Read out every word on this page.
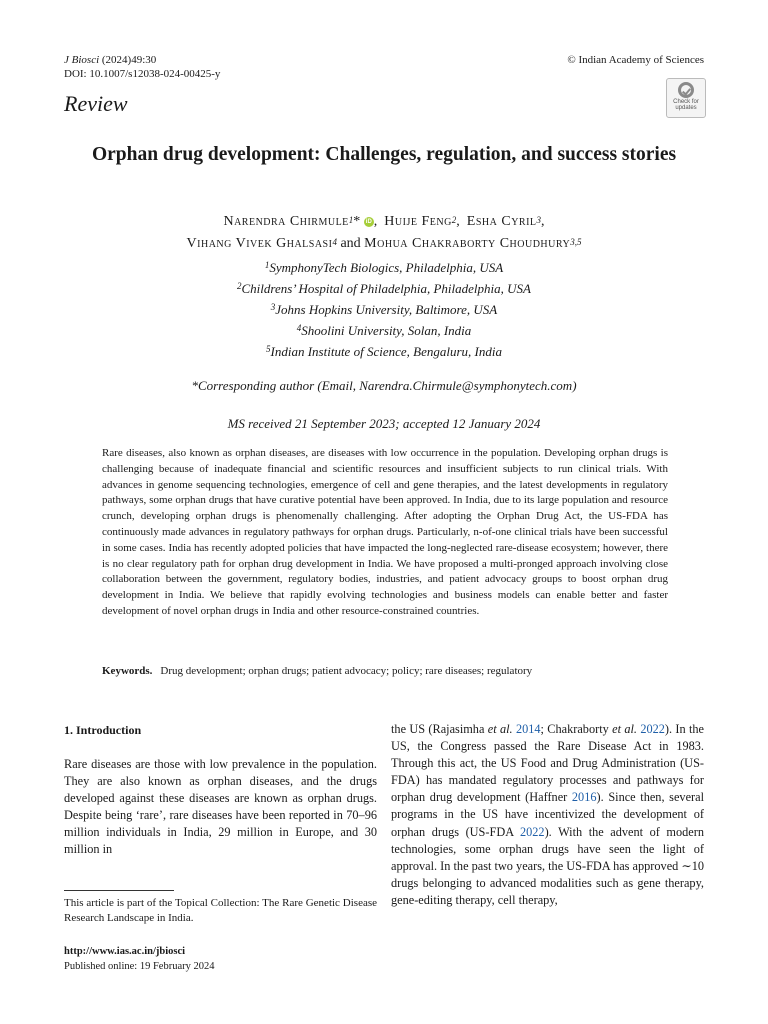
J Biosci (2024)49:30
DOI: 10.1007/s12038-024-00425-y
© Indian Academy of Sciences
Review	Check for updates
Orphan drug development: Challenges, regulation, and success stories
Narendra Chirmule$^1$* iD ,  Huije Feng$^2$,  Esha Cyril$^3$,
Vihang Vivek Ghalsasi$^4$ and Mohua Chakraborty Choudhury$^{3,5}$
$^1$SymphonyTech Biologics, Philadelphia, USA
$^2$Childrens’ Hospital of Philadelphia, Philadelphia, USA
$^3$Johns Hopkins University, Baltimore, USA
$^4$Shoolini University, Solan, India
$^5$Indian Institute of Science, Bengaluru, India
*Corresponding author (Email, Narendra.Chirmule@symphonytech.com)
MS received 21 September 2023; accepted 12 January 2024
Rare diseases, also known as orphan diseases, are diseases with low occurrence in the population. Developing orphan drugs is challenging because of inadequate financial and scientific resources and insufficient subjects to run clinical trials. With advances in genome sequencing technologies, emergence of cell and gene therapies, and the latest developments in regulatory pathways, some orphan drugs that have curative potential have been approved. In India, due to its large population and resource crunch, developing orphan drugs is phenomenally challenging. After adopting the Orphan Drug Act, the US-FDA has continuously made advances in regulatory pathways for orphan drugs. Particularly, n-of-one clinical trials have been successful in some cases. India has recently adopted policies that have impacted the long-neglected rare-disease ecosystem; however, there is no clear regulatory path for orphan drug development in India. We have proposed a multi-pronged approach involving close collaboration between the government, regulatory bodies, industries, and patient advocacy groups to boost orphan drug development in India. We believe that rapidly evolving technologies and business models can enable better and faster development of novel orphan drugs in India and other resource-constrained countries.
Keywords. Drug development; orphan drugs; patient advocacy; policy; rare diseases; regulatory
1. Introduction
Rare diseases are those with low prevalence in the population. They are also known as orphan diseases, and the drugs developed against these diseases are known as orphan drugs. Despite being ‘rare’, rare diseases have been reported in 70–96 million individuals in India, 29 million in Europe, and 30 million in
the US (Rajasimha et al. 2014; Chakraborty et al. 2022). In the US, the Congress passed the Rare Disease Act in 1983. Through this act, the US Food and Drug Administration (US-FDA) has mandated regulatory processes and pathways for orphan drug development (Haffner 2016). Since then, several programs in the US have incentivized the development of orphan drugs (US-FDA 2022). With the advent of modern technologies, some orphan drugs have seen the light of approval. In the past two years, the US-FDA has approved ∼10 drugs belonging to advanced modalities such as gene therapy, gene-editing therapy, cell therapy,
This article is part of the Topical Collection: The Rare Genetic Disease Research Landscape in India.
http://www.ias.ac.in/jbiosci
Published online: 19 February 2024
